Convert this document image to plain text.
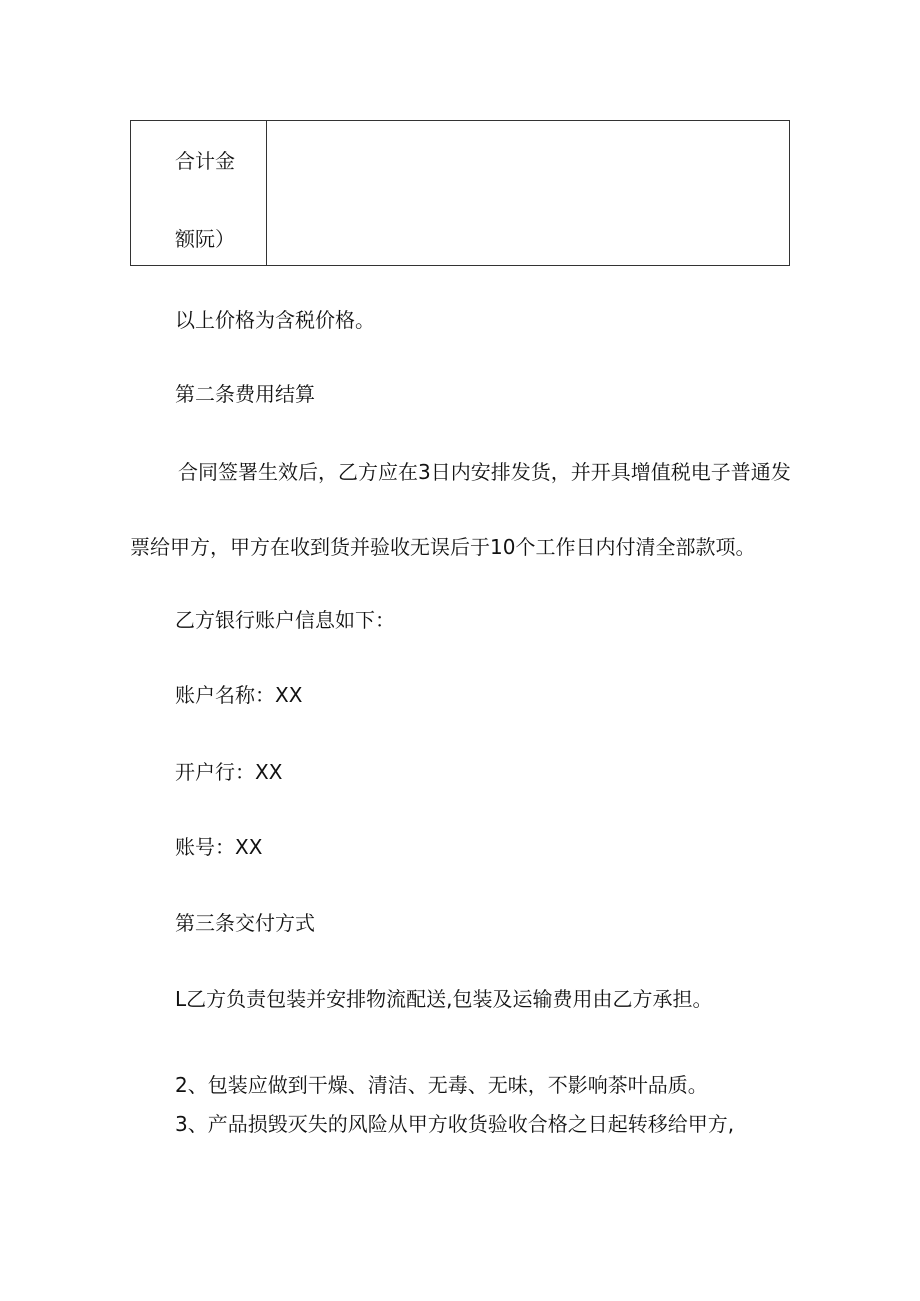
合计金
额阮）
以上价格为含税价格。
第二条费用结算
合同签署生效后，乙方应在3日内安排发货，并开具增值税电子普通发
票给甲方，甲方在收到货并验收无误后于10个工作日内付清全部款项。
乙方银行账户信息如下：
账户名称：XX
开户行：XX
账号：XX
第三条交付方式
L乙方负责包装并安排物流配送,包装及运输费用由乙方承担。
2、包装应做到干燥、清洁、无毒、无味，不影响茶叶品质。
3、产品损毁灭失的风险从甲方收货验收合格之日起转移给甲方,
